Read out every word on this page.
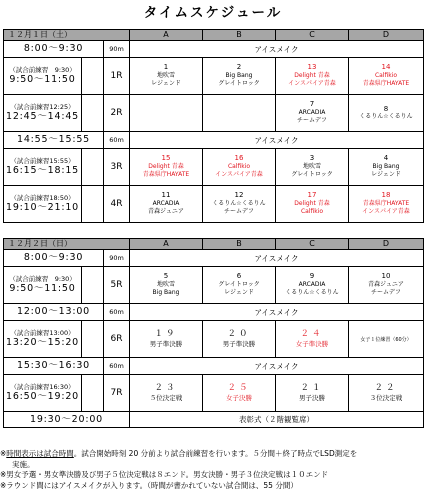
タイムスケジュール
１２月１日（土）			A	B	C	D

8:00～9:30		90m	アイスメイク			

（試合前練習　9:30）
9:50～11:50		1R	1
地吹雪
レジェンド	2
Big Bang
グレイトロック	13
Delight 青森
インスパイア青森	14
Calfikio
青森県庁HAYATE

（試合前練習12:25）
12:45～14:45		2R			7
ARCADIA
チームデフ	8
くるりん☆くるりん

14:55～15:55		60m	アイスメイク			

（試合前練習15:55）
16:15～18:15		3R	15
Delight 青森
青森県庁HAYATE	16
Calfikio
インスパイア青森	3
地吹雪
グレイトロック	4
Big Bang
レジェンド

（試合前練習18:50）
19:10～21:10		4R	11
ARCADIA
青森ジュニア	12
くるりん☆くるりん
チームデフ	17
Delight 青森
Calfikio	18
青森県庁HAYATE
インスパイア青森
１２月２日（日）			A	B	C	D

8:00～9:30		90m	アイスメイク			

（試合前練習　9:30）
9:50～11:50		5R	5
地吹雪
Big Bang	6
グレイトロック
レジェンド	9
ARCADIA
くるりん☆くるりん	10
青森ジュニア
チームデフ

12:00～13:00		60m	アイスメイク			

（試合前練習13:00）
13:20～15:20		6R	１９
男子準決勝	２０
男子準決勝	２４
女子準決勝	女子１位練習（60分）

15:30～16:30		60m	アイスメイク			

（試合前練習16:30）
16:50～19:20		7R	２３
５位決定戦	２５
女子決勝	２１
男子決勝	２２
３位決定戦

19:30～20:00			表彰式（２階観覧席）			
※時間表示は試合時間。試合開始時刻 20 分前より試合前練習を行います。５分間＋終了時点でLSD測定を
実施。
※男女予選・男女準決勝及び男子５位決定戦は８エンド。男女決勝・男子３位決定戦は１０エンド
※ラウンド間にはアイスメイクが入ります。（時間が書かれていない試合間は、55 分間）
